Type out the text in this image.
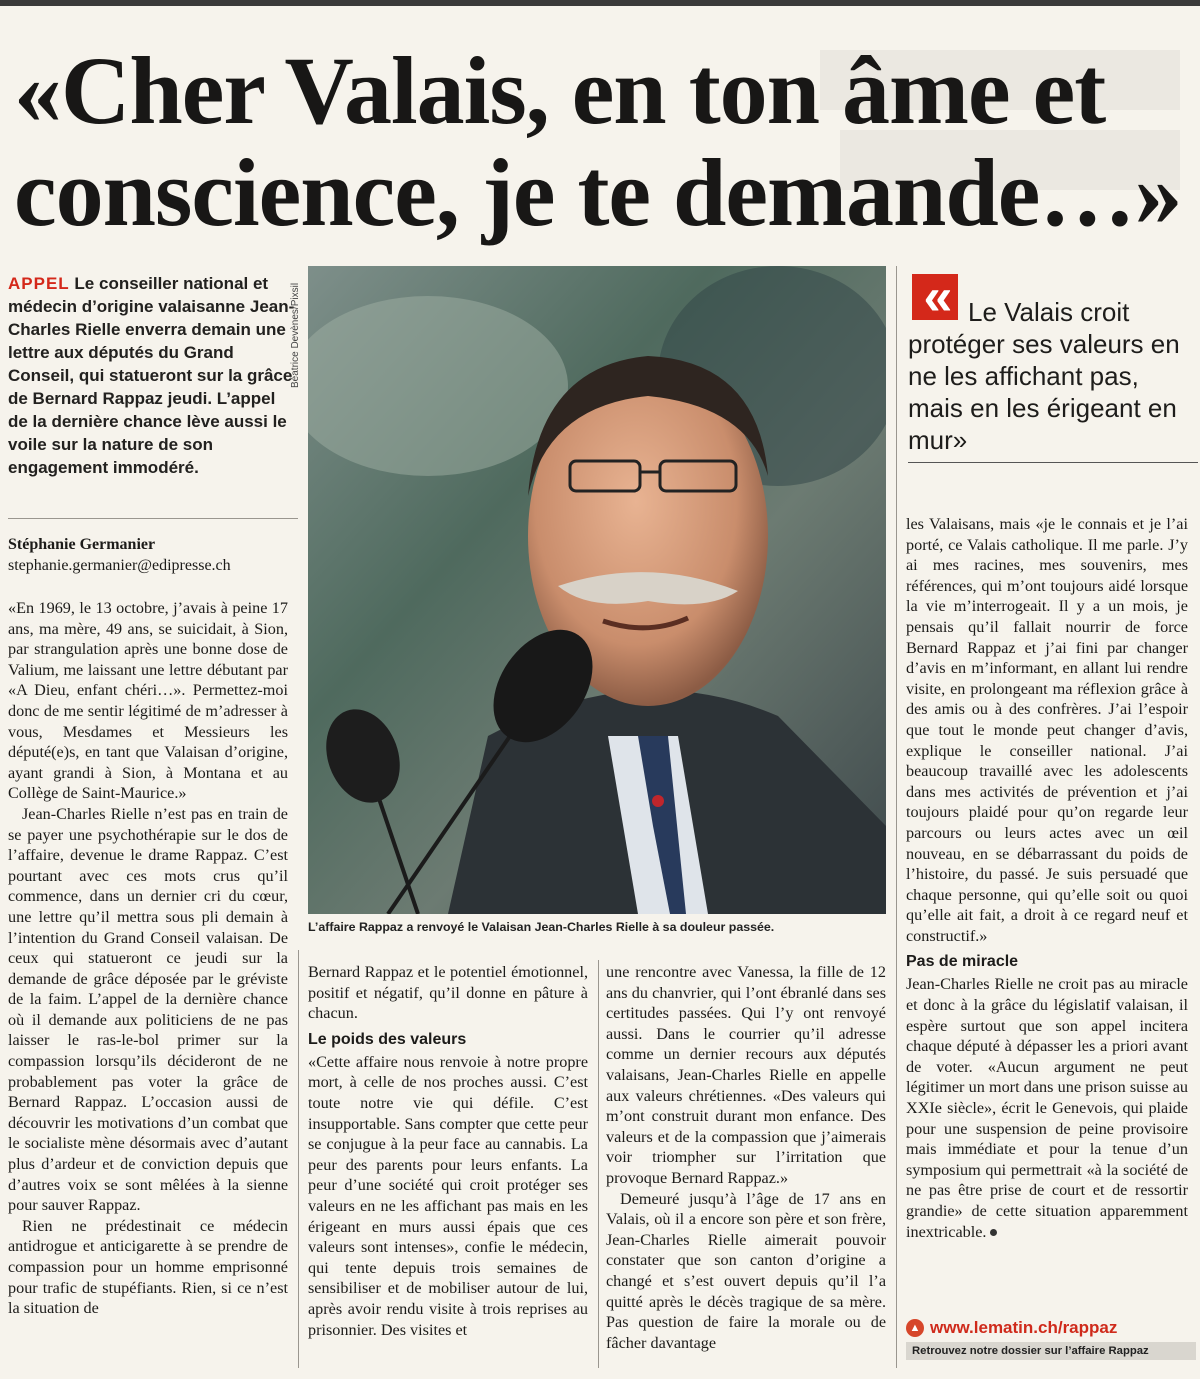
«Cher Valais, en ton âme et
conscience, je te demande…»
APPEL Le conseiller national et médecin d’origine valaisanne Jean-Charles Rielle enverra demain une lettre aux députés du Grand Conseil, qui statueront sur la grâce de Bernard Rappaz jeudi. L’appel de la dernière chance lève aussi le voile sur la nature de son engagement immodéré.
Stéphanie Germanier
stephanie.germanier@edipresse.ch

«En 1969, le 13 octobre, j’avais à peine 17 ans, ma mère, 49 ans, se suicidait, à Sion, par strangulation après une bonne dose de Valium, me laissant une lettre débutant par «A Dieu, enfant chéri…». Permettez-moi donc de me sentir légitimé de m’adresser à vous, Mesdames et Messieurs les député(e)s, en tant que Valaisan d’origine, ayant grandi à Sion, à Montana et au Collège de Saint-Maurice.»

Jean-Charles Rielle n’est pas en train de se payer une psychothérapie sur le dos de l’affaire, devenue le drame Rappaz. C’est pourtant avec ces mots crus qu’il commence, dans un dernier cri du cœur, une lettre qu’il mettra sous pli demain à l’intention du Grand Conseil valaisan. De ceux qui statueront ce jeudi sur la demande de grâce déposée par le gréviste de la faim. L’appel de la dernière chance où il demande aux politiciens de ne pas laisser le ras-le-bol primer sur la compassion lorsqu’ils décideront de ne probablement pas voter la grâce de Bernard Rappaz. L’occasion aussi de découvrir les motivations d’un combat que le socialiste mène désormais avec d’autant plus d’ardeur et de conviction depuis que d’autres voix se sont mêlées à la sienne pour sauver Rappaz.

Rien ne prédestinait ce médecin antidrogue et anticigarette à se prendre de compassion pour un homme emprisonné pour trafic de stupéfiants. Rien, si ce n’est la situation de

Béatrice Devènes/Pixsil
L’affaire Rappaz a renvoyé le Valaisan Jean-Charles Rielle à sa douleur passée.

Bernard Rappaz et le potentiel émotionnel, positif et négatif, qu’il donne en pâture à chacun.

Le poids des valeurs

«Cette affaire nous renvoie à notre propre mort, à celle de nos proches aussi. C’est toute notre vie qui défile. C’est insupportable. Sans compter que cette peur se conjugue à la peur face au cannabis. La peur des parents pour leurs enfants. La peur d’une société qui croit protéger ses valeurs en ne les affichant pas mais en les érigeant en murs aussi épais que ces valeurs sont intenses», confie le médecin, qui tente depuis trois semaines de sensibiliser et de mobiliser autour de lui, après avoir rendu visite à trois reprises au prisonnier. Des visites et

une rencontre avec Vanessa, la fille de 12 ans du chanvrier, qui l’ont ébranlé dans ses certitudes passées. Qui l’y ont renvoyé aussi. Dans le courrier qu’il adresse comme un dernier recours aux députés valaisans, Jean-Charles Rielle en appelle aux valeurs chrétiennes. «Des valeurs qui m’ont construit durant mon enfance. Des valeurs et de la compassion que j’aimerais voir triompher sur l’irritation que provoque Bernard Rappaz.»

Demeuré jusqu’à l’âge de 17 ans en Valais, où il a encore son père et son frère, Jean-Charles Rielle aimerait pouvoir constater que son canton d’origine a changé et s’est ouvert depuis qu’il l’a quitté après le décès tragique de sa mère. Pas question de faire la morale ou de fâcher davantage

« Le Valais croit protéger ses valeurs en ne les affichant pas, mais en les érigeant en mur»

les Valaisans, mais «je le connais et je l’ai porté, ce Valais catholique. Il me parle. J’y ai mes racines, mes souvenirs, mes références, qui m’ont toujours aidé lorsque la vie m’interrogeait. Il y a un mois, je pensais qu’il fallait nourrir de force Bernard Rappaz et j’ai fini par changer d’avis en m’informant, en allant lui rendre visite, en prolongeant ma réflexion grâce à des amis ou à des confrères. J’ai l’espoir que tout le monde peut changer d’avis, explique le conseiller national. J’ai beaucoup travaillé avec les adolescents dans mes activités de prévention et j’ai toujours plaidé pour qu’on regarde leur parcours ou leurs actes avec un œil nouveau, en se débarrassant du poids de l’histoire, du passé. Je suis persuadé que chaque personne, qui qu’elle soit ou quoi qu’elle ait fait, a droit à ce regard neuf et constructif.»

Pas de miracle

Jean-Charles Rielle ne croit pas au miracle et donc à la grâce du législatif valaisan, il espère surtout que son appel incitera chaque député à dépasser les a priori avant de voter. «Aucun argument ne peut légitimer un mort dans une prison suisse au XXIe siècle», écrit le Genevois, qui plaide pour une suspension de peine provisoire mais immédiate et pour la tenue d’un symposium qui permettrait «à la société de ne pas être prise de court et de ressortir grandie» de cette situation apparemment inextricable.

▲ www.lematin.ch/rappaz
Retrouvez notre dossier sur l’affaire Rappaz
